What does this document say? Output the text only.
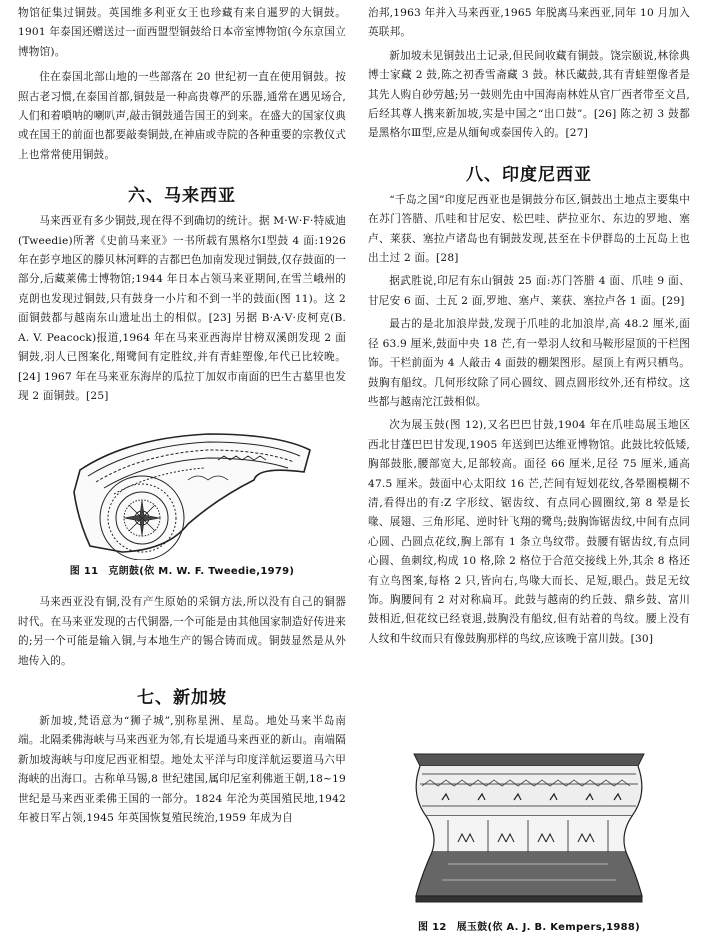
物馆征集过铜鼓。英国维多利亚女王也珍藏有来自暹罗的大铜鼓。1901 年泰国还赠送过一面西盟型铜鼓给日本帝室博物馆(今东京国立博物馆)。

住在泰国北部山地的一些部落在 20 世纪初一直在使用铜鼓。按照古老习惯,在泰国首都,铜鼓是一种高贵尊严的乐器,通常在遇见场合,人们和着嗩呐的喇叭声,敲击铜鼓通告国王的到来。在盛大的国家仪典或在国王的前面也都要敲奏铜鼓,在神庙或寺院的各种重要的宗教仪式上也常常使用铜鼓。

六、马来西亚

马来西亚有多少铜鼓,现在得不到确切的统计。据 M·W·F·特威迪(Tweedie)所著《史前马来亚》一书所载有黑格尔Ⅰ型鼓 4 面:1926 年在彭亨地区的滕贝林河畔的吉都巴色加南发现过铜鼓,仅存鼓面的一部分,后藏莱佛士博物馆;1944 年日本占领马来亚期间,在雪兰峨州的克朗也发现过铜鼓,只有鼓身一小片和不到一半的鼓面(图 11)。这 2 面铜鼓都与越南东山遗址出土的相似。[23] 另据 B·A·V·皮柯克(B. A. V. Peacock)报道,1964 年在马来亚西海岸甘榜双溪朗发现 2 面铜鼓,羽人已图案化,翔鹭间有定胜纹,并有青蛙塑像,年代已比较晚。[24] 1967 年在马来亚东海岸的瓜拉丁加奴市南面的巴生古墓里也发现 2 面铜鼓。[25]

图 11 克朗鼓(依 M. W. F. Tweedie,1979)

马来西亚没有铜,没有产生原始的采铜方法,所以没有自己的铜器时代。在马来亚发现的古代铜器,一个可能是由其他国家制造好传进来的;另一个可能是输入铜,与本地生产的锡合铸而成。铜鼓显然是从外地传入的。

七、新加坡

新加坡,梵语意为“狮子城”,别称星洲、星岛。地处马来半岛南端。北隔柔佛海峡与马来西亚为邻,有长堤通马来西亚的新山。南端隔新加坡海峡与印度尼西亚相望。地处太平洋与印度洋航运要道马六甲海峡的出海口。古称单马锡,8 世纪建国,属印尼室利佛逝王朝,18~19 世纪是马来西亚柔佛王国的一部分。1824 年沦为英国殖民地,1942 年被日军占领,1945 年英国恢复殖民统治,1959 年成为自

治邦,1963 年并入马来西亚,1965 年脱离马来西亚,同年 10 月加入英联邦。

新加坡未见铜鼓出土记录,但民间收藏有铜鼓。饶宗颐说,林徐典博士家藏 2 鼓,陈之初香雪斋藏 3 鼓。林氏藏鼓,其有青蛙塑像者是其先人购自砂劳越;另一鼓则先由中国海南林姓从官厂西者带至文昌,后经其尊人携来新加坡,实是中国之“出口鼓”。[26] 陈之初 3 鼓都是黑格尔Ⅲ型,应是从缅甸或泰国传入的。[27]

八、印度尼西亚

“千岛之国”印度尼西亚也是铜鼓分布区,铜鼓出土地点主要集中在苏门答腊、爪哇和甘尼安、松巴哇、萨拉亚尔、东边的罗地、塞卢、莱获、塞拉卢诸岛也有铜鼓发现,甚至在卡伊群岛的土瓦岛上也出土过 2 面。[28]

据武胜说,印尼有东山铜鼓 25 面:苏门答腊 4 面、爪哇 9 面、甘尼安 6 面、土瓦 2 面,罗地、塞卢、莱获、塞拉卢各 1 面。[29]

最古的是北加浪岸鼓,发现于爪哇的北加浪岸,高 48.2 厘米,面径 63.9 厘米,鼓面中央 18 芒,有一晕羽人纹和马鞍形屋顶的干栏图饰。干栏前面为 4 人敲击 4 面鼓的棚架图形。屋顶上有两只栖鸟。鼓胸有船纹。几何形纹除了同心圆纹、圆点圆形纹外,还有栉纹。这些都与越南沱江鼓相似。

次为展玉鼓(图 12),又名巴巴甘鼓,1904 年在爪哇岛展玉地区西北甘蓬巴巴甘发现,1905 年送到巴达维亚博物馆。此鼓比较低矮,胸部鼓胀,腰部宽大,足部较高。面径 66 厘米,足径 75 厘米,通高 47.5 厘米。鼓面中心太阳纹 16 芒,芒间有短划花纹,各晕圈模糊不清,看得出的有:Z 字形纹、锯齿纹、有点同心圆圈纹,第 8 晕是长喙、展翅、三角形尾、逆时针飞翔的鹭鸟;鼓胸饰锯齿纹,中间有点同心圆、凸圆点花纹,胸上部有 1 条立鸟纹带。鼓腰有锯齿纹,有点同心圆、鱼刺纹,构成 10 格,除 2 格位于合范交接线上外,其余 8 格还有立鸟图案,每格 2 只,皆向右,鸟喙大而长、足短,眼凸。鼓足无纹饰。胸腰间有 2 对对称扁耳。此鼓与越南的约丘鼓、鼎乡鼓、富川鼓相近,但花纹已经衰退,鼓胸没有船纹,但有站着的鸟纹。腰上没有人纹和牛纹而只有像鼓胸那样的鸟纹,应该晚于富川鼓。[30]

图 12 展玉鼓(依 A. J. B. Kempers,1988)
